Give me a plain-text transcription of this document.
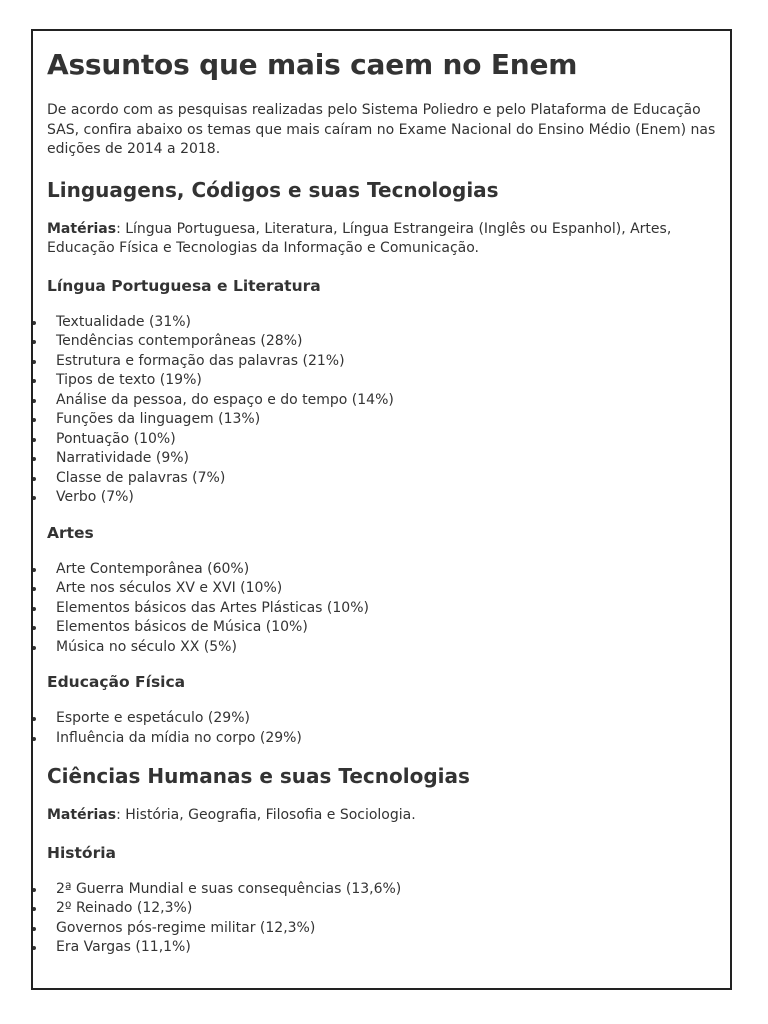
Assuntos que mais caem no Enem

De acordo com as pesquisas realizadas pelo Sistema Poliedro e pelo Plataforma de Educação SAS, confira abaixo os temas que mais caíram no Exame Nacional do Ensino Médio (Enem) nas edições de 2014 a 2018.

Linguagens, Códigos e suas Tecnologias

Matérias: Língua Portuguesa, Literatura, Língua Estrangeira (Inglês ou Espanhol), Artes, Educação Física e Tecnologias da Informação e Comunicação.

Língua Portuguesa e Literatura
Textualidade (31%)
Tendências contemporâneas (28%)
Estrutura e formação das palavras (21%)
Tipos de texto (19%)
Análise da pessoa, do espaço e do tempo (14%)
Funções da linguagem (13%)
Pontuação (10%)
Narratividade (9%)
Classe de palavras (7%)
Verbo (7%)
Artes
Arte Contemporânea (60%)
Arte nos séculos XV e XVI (10%)
Elementos básicos das Artes Plásticas (10%)
Elementos básicos de Música (10%)
Música no século XX (5%)
Educação Física
Esporte e espetáculo (29%)
Influência da mídia no corpo (29%)
Ciências Humanas e suas Tecnologias

Matérias: História, Geografia, Filosofia e Sociologia.

História
2ª Guerra Mundial e suas consequências (13,6%)
2º Reinado (12,3%)
Governos pós-regime militar (12,3%)
Era Vargas (11,1%)
